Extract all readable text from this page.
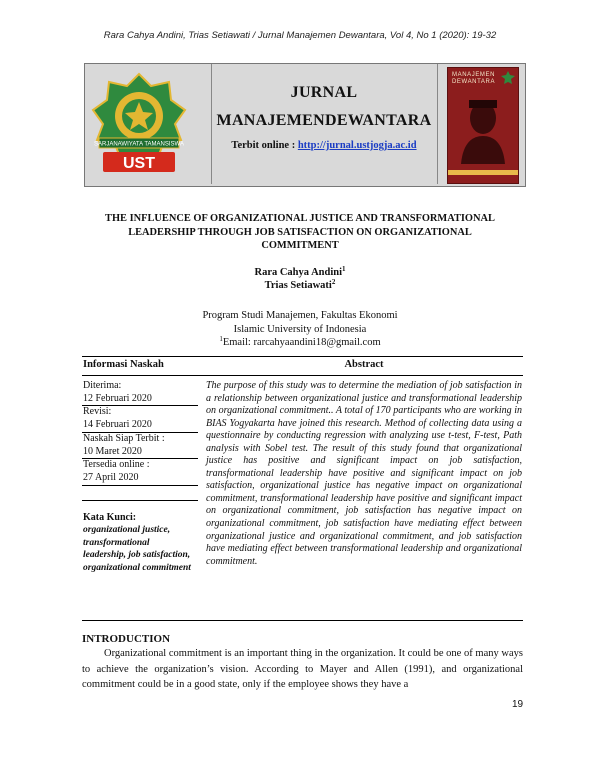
Rara Cahya Andini, Trias Setiawati / Jurnal Manajemen Dewantara, Vol 4, No 1 (2020): 19-32
SARJANAWIYATA TAMANSISWA
UST
JURNAL
MANAJEMENDEWANTARA
Terbit online : http://jurnal.ustjogja.ac.id
MANAJEMEN
DEWANTARA
THE INFLUENCE OF ORGANIZATIONAL JUSTICE AND TRANSFORMATIONAL
LEADERSHIP THROUGH JOB SATISFACTION ON ORGANIZATIONAL
COMMITMENT
Rara Cahya Andini$^1$
Trias Setiawati$^2$
Program Studi Manajemen, Fakultas Ekonomi
Islamic University of Indonesia
$^1$Email: rarcahyaandini18@gmail.com
Informasi Naskah	Abstract
Diterima:
12 Februari 2020
Revisi:
14 Februari 2020
Naskah Siap Terbit :
10 Maret 2020
Tersedia online :
27 April 2020
Kata Kunci:
organizational justice, transformational leadership, job satisfaction, organizational commitment
The purpose of this study was to determine the mediation of job satisfaction in a relationship between organizational justice and transformational leadership on organizational commitment.. A total of 170 participants who are working in BIAS Yogyakarta have joined this research. Method of collecting data using a questionnaire by conducting regression with analyzing use t-test, F-test, Path analysis with Sobel test. The result of this study found that organizational justice has positive and significant impact on job satisfaction, transformational leadership have positive and significant impact on job satisfaction, organizational justice has negative impact on organizational commitment, transformational leadership have positive and significant impact on organizational commitment, job satisfaction has negative impact on organizational commitment, job satisfaction have mediating effect between organizational justice and organizational commitment, and job satisfaction have mediating effect between transformational leadership and organizational commitment.
INTRODUCTION
Organizational commitment is an important thing in the organization. It could be one of many ways to achieve the organization’s vision. According to Mayer and Allen (1991), and organizational commitment could be in a good state, only if the employee shows they have a
19
